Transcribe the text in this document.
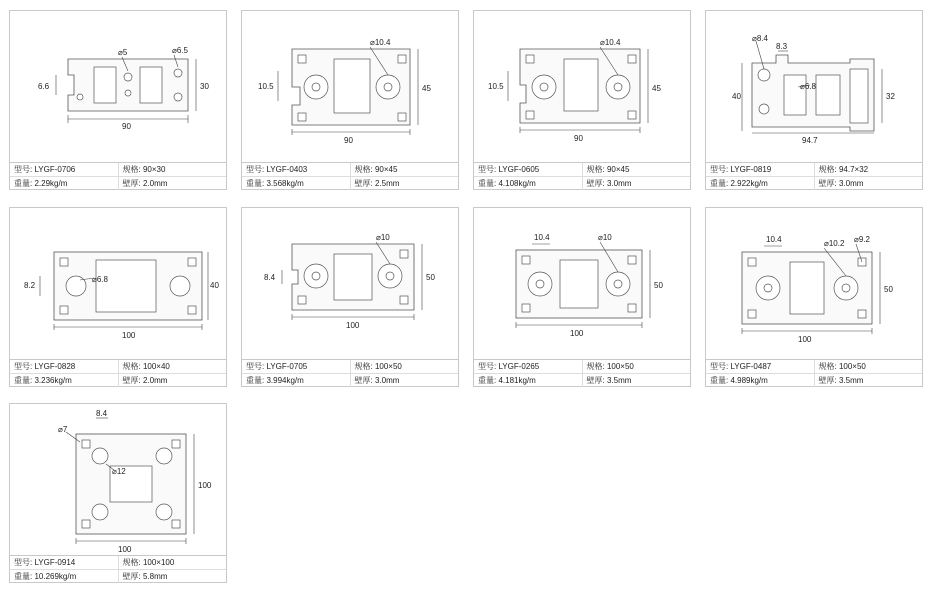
90
30
6.6
⌀5	⌀6.5
型号: LYGF-0706	规格: 90×30
重量: 2.29kg/m	壁厚: 2.0mm
90
45
10.5
⌀10.4
型号: LYGF-0403	规格: 90×45
重量: 3.568kg/m	壁厚: 2.5mm
90
45
10.5
⌀10.4
型号: LYGF-0605	规格: 90×45
重量: 4.108kg/m	壁厚: 3.0mm
94.7
32
40
⌀8.4
8.3
⌀6.8
型号: LYGF-0819	规格: 94.7×32
重量: 2.922kg/m	壁厚: 3.0mm
100
40
8.2
⌀6.8
型号: LYGF-0828	规格: 100×40
重量: 3.236kg/m	壁厚: 2.0mm
100
50
8.4
⌀10
型号: LYGF-0705	规格: 100×50
重量: 3.994kg/m	壁厚: 3.0mm
100
50
10.4	⌀10
型号: LYGF-0265	规格: 100×50
重量: 4.181kg/m	壁厚: 3.5mm
100
50
10.4	⌀10.2 ⌀9.2
型号: LYGF-0487	规格: 100×50
重量: 4.989kg/m	壁厚: 3.5mm
100
100
8.4
⌀12
⌀7
型号: LYGF-0914	规格: 100×100
重量: 10.269kg/m	壁厚: 5.8mm
